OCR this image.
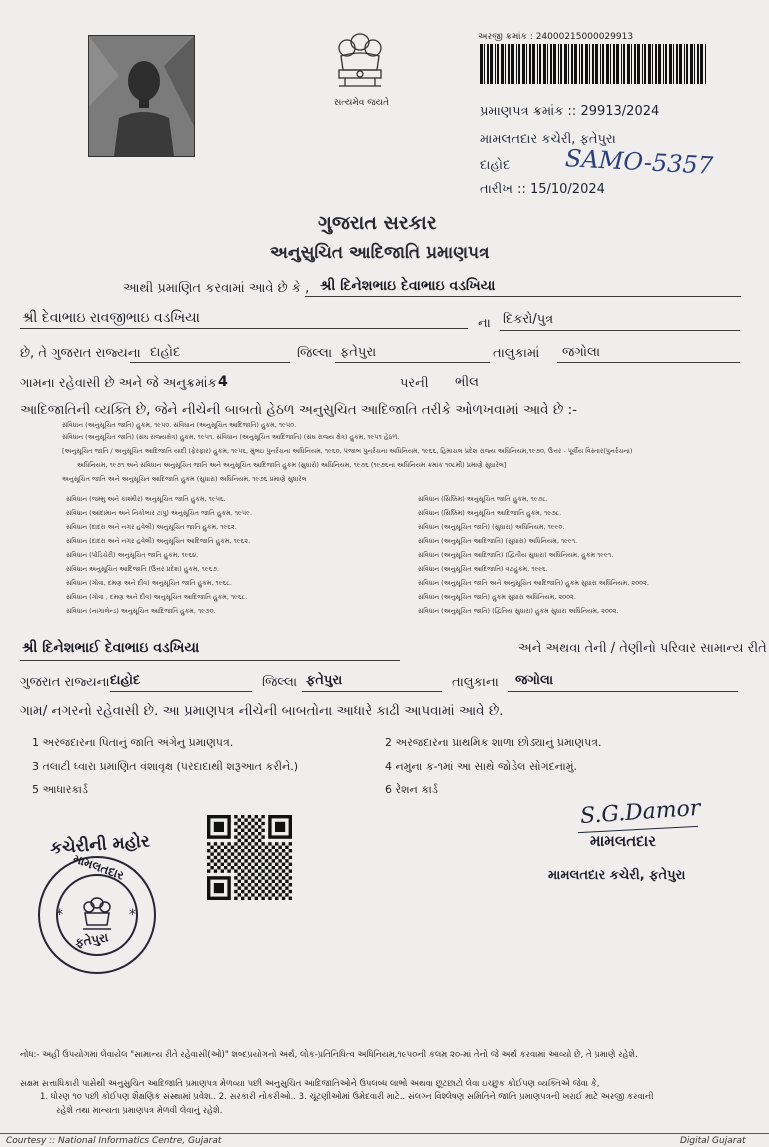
સત્યમેવ જયતે
અરજી ક્રમાંક : 24000215000029913
પ્રમાણપત્ર ક્રમાંક :: 29913/2024
મામલતદાર કચેરી, ફતેપુરા
દાહોદ SAMO-5357
તારીખ :: 15/10/2024
ગુજરાત સરકાર
અનુસુચિત આદિજાતિ પ્રમાણપત્ર
આથી પ્રમાણિત કરવામાં આવે છે કે , શ્રી દિનેશભાઇ દેવાભાઇ વડખિયા
શ્રી દેવાભાઇ રાવજીભાઇ વડખિયા	ના દિકરો/પુત્ર
છે, તે ગુજરાત રાજ્યના દાહોદ	જિલ્લા ફતેપુરા	તાલુકામાં જગોલા
ગામના રહેવાસી છે અને જે અનુક્રમાંક 4	પરની ભીલ
આદિજાતિની વ્યક્તિ છે, જેને નીચેની બાબતો હેઠળ અનુસુચિત આદિજાતિ તરીકે ઓળખવામાં આવે છે :-
સંવિધાન (અનુસૂચિત જાતિ) હુકમ, ૧૯૫૦. સંવિધાન (અનુસૂચિત આદિજાતિ) હુકમ, ૧૯૫૦.
સંવિધાન (અનુસૂચિત જાતિ) (સંઘ રાજ્યક્ષેત્ર) હુકમ, ૧૯૫૧. સંવિધાન (અનુસૂચિત આદિજાતિ) (સંઘ રાજ્ય ક્ષેત્ર) હુકમ, ૧૯૫૧ હેઠળ.
[અનુસૂચિત જાતિ / અનુસૂચિત આદિજાતિ યાદી (ફેરફાર) હુકમ, ૧૯૫૬, મુંબઇ પુનર્રચના અધિનિયમ, ૧૯૬૦, પંજાબ પુનર્રચના અધિનિયમ, ૧૯૬૬, હિમાચલ પ્રદેશ રાજ્ય અધિનિયમ,૧૯૭૦, ઉત્તર - પૂર્વીય વિસ્તાર(પુનર્રચના)
અધિનિયમ, ૧૯૭૧ અને સંવિધાન અનુસૂચિત જાતિ અને અનુસૂચિત આદિજાતિ હુકમ (સુધારો) અધિનિયમ, ૧૯૭૬ (૧૯૭૬ના અધિનિયમ ક્રમાંક ૧૦૮મી) પ્રમાણે સુધારેલ]
અનુસૂચિત જાતિ અને અનુસૂચિત આદિજાતિ હુકમ (સુધારા) અધિનિયમ, ૧૯૭૬ પ્રમાણે સુધારેલ
સંવિધાન (જમ્મુ અને કાશ્મીર) અનુસૂચિત જાતિ હુકમ, ૧૯૫૬.
સંવિધાન (આંદામાન અને નિકોબાર ટાપુ) અનુસૂચિત જાતિ હુકમ, ૧૯૫૯.
સંવિધાન (દાદરા અને નગર હવેલી) અનુસૂચિત જાતિ હુકમ, ૧૯૬૨.
સંવિધાન (દાદરા અને નગર હવેલી) અનુસૂચિત આદિજાતિ હુકમ, ૧૯૬૨.
સંવિધાન (પોંડિચેરી) અનુસૂચિત જાતિ હુકમ, ૧૯૬૪.
સંવિધાન અનુસૂચિત આદિજાતિ (ઉત્તર પ્રદેશ) હુકમ, ૧૯૬૭.
સંવિધાન (ગોવા, દમણ અને દીવ) અનુસૂચિત જાતિ હુકમ, ૧૯૬૮.
સંવિધાન (ગોવા , દમણ અને દીવ) અનુસૂચિત આદિજાતિ હુકમ, ૧૯૬૮.
સંવિધાન (નાગાલેન્ડ) અનુસૂચિત આદિજાતિ હુકમ, ૧૯૭૦.
સંવિધાન (સિક્કિમ) અનુસૂચિત જાતિ હુકમ, ૧૯૭૮.
સંવિધાન (સિક્કિમ) અનુસૂચિત આદિજાતિ હુકમ, ૧૯૭૮.
સંવિધાન (અનુસૂચિત જાતિ) (સુધારા) અધિનિયમ, ૧૯૯૦.
સંવિધાન (અનુસૂચિત આદિજાતિ) (સુધારા) અધિનિયમ, ૧૯૯૧.
સંવિધાન (અનુસૂચિત આદિજાતિ) (દ્વિતીય સુધારા) અધિનિયમ, હુકમ ૧૯૯૧.
સંવિધાન (અનુસૂચિત આદિજાતિ) વટહુકમ, ૧૯૯૬.
સંવિધાન (અનુસૂચિત જાતિ અને અનુસૂચિત આદિજાતિ) હુકમ સુધારા અધિનિયમ, ૨૦૦૨.
સંવિધાન (અનુસૂચિત જાતિ) હુકમ સુધારા અધિનિયમ, ૨૦૦૨.
સંવિધાન (અનુસૂચિત જાતિ) (દ્વિતિય સુધારા) હુકમ સુધારા અધિનિયમ, ૨૦૦૨.
શ્રી દિનેશભાઈ દેવાભાઇ વડખિયા	અને અથવા તેની / તેણીનો પરિવાર સામાન્ય રીતે
ગુજરાત રાજ્યના દાહોદ	જિલ્લા ફતેપુરા	તાલુકાના જગોલા
ગામ/ નગરનો રહેવાસી છે. આ પ્રમાણપત્ર નીચેની બાબતોના આધારે કાઢી આપવામાં આવે છે.
1 અરજદારના પિતાનું જાતિ અંગેનુ પ્રમાણપત્ર.	2 અરજદારના પ્રાથમિક શાળા છોડ્યાનું પ્રમાણપત્ર.
3 તલાટી ધ્વારા પ્રમાણિત વંશાવૃક્ષ (પરદાદાથી શરૂઆત કરીને.)	4 નમુના ક-૧માં આ સાથે જોડેલ સોગંદનામું.
5 આધારકાર્ડ	6 રેશન કાર્ડ
*	*
કચેરીની મહોર
મામલતદાર
ફતેપુરા
S.G.Damor
મામલતદાર
મામલતદાર કચેરી, ફતેપુરા
નોંધ:- અહીં ઉપયોગમાં લેવાયેલ "સામાન્ય રીતે રહેવાસી(ઓ)" શબ્દપ્રયોગનો અર્થ, લોક-પ્રતિનિધિત્વ અધિનિયમ,૧૯૫૦ની કલમ ૨૦-માં તેનો જે અર્થ કરવામાં આવ્યો છે, તે પ્રમાણે રહેશે.
સક્ષમ સત્તાધિકારી પાસેથી અનુસુચિત આદિજાતિ પ્રમાણપત્ર મેળવ્યા પછી અનુસુચિત આદિજાતિઓને ઉપલબ્ધ લાભો અથવા છૂટછાટો લેવા ઇચ્છુક કોઈપણ વ્યક્તિએ જેવા કે,
1. ધોરણ ૧૦ પછી કોઈપણ શૈક્ષણિક સંસ્થામાં પ્રવેશ.. 2. સરકારી નોકરીઓ.. 3. ચૂંટણીઓમાં ઉમેદવારી માટે.. સંલગ્ન વિશ્લેષણ સમિતિને જાતિ પ્રમાણપત્રની ખરાઈ માટે અરજી કરવાની
રહેશે તથા માન્યતા પ્રમાણપત્ર મેળવી લેવાનું રહેશે.
Courtesy :: National Informatics Centre, Gujarat	Digital Gujarat
